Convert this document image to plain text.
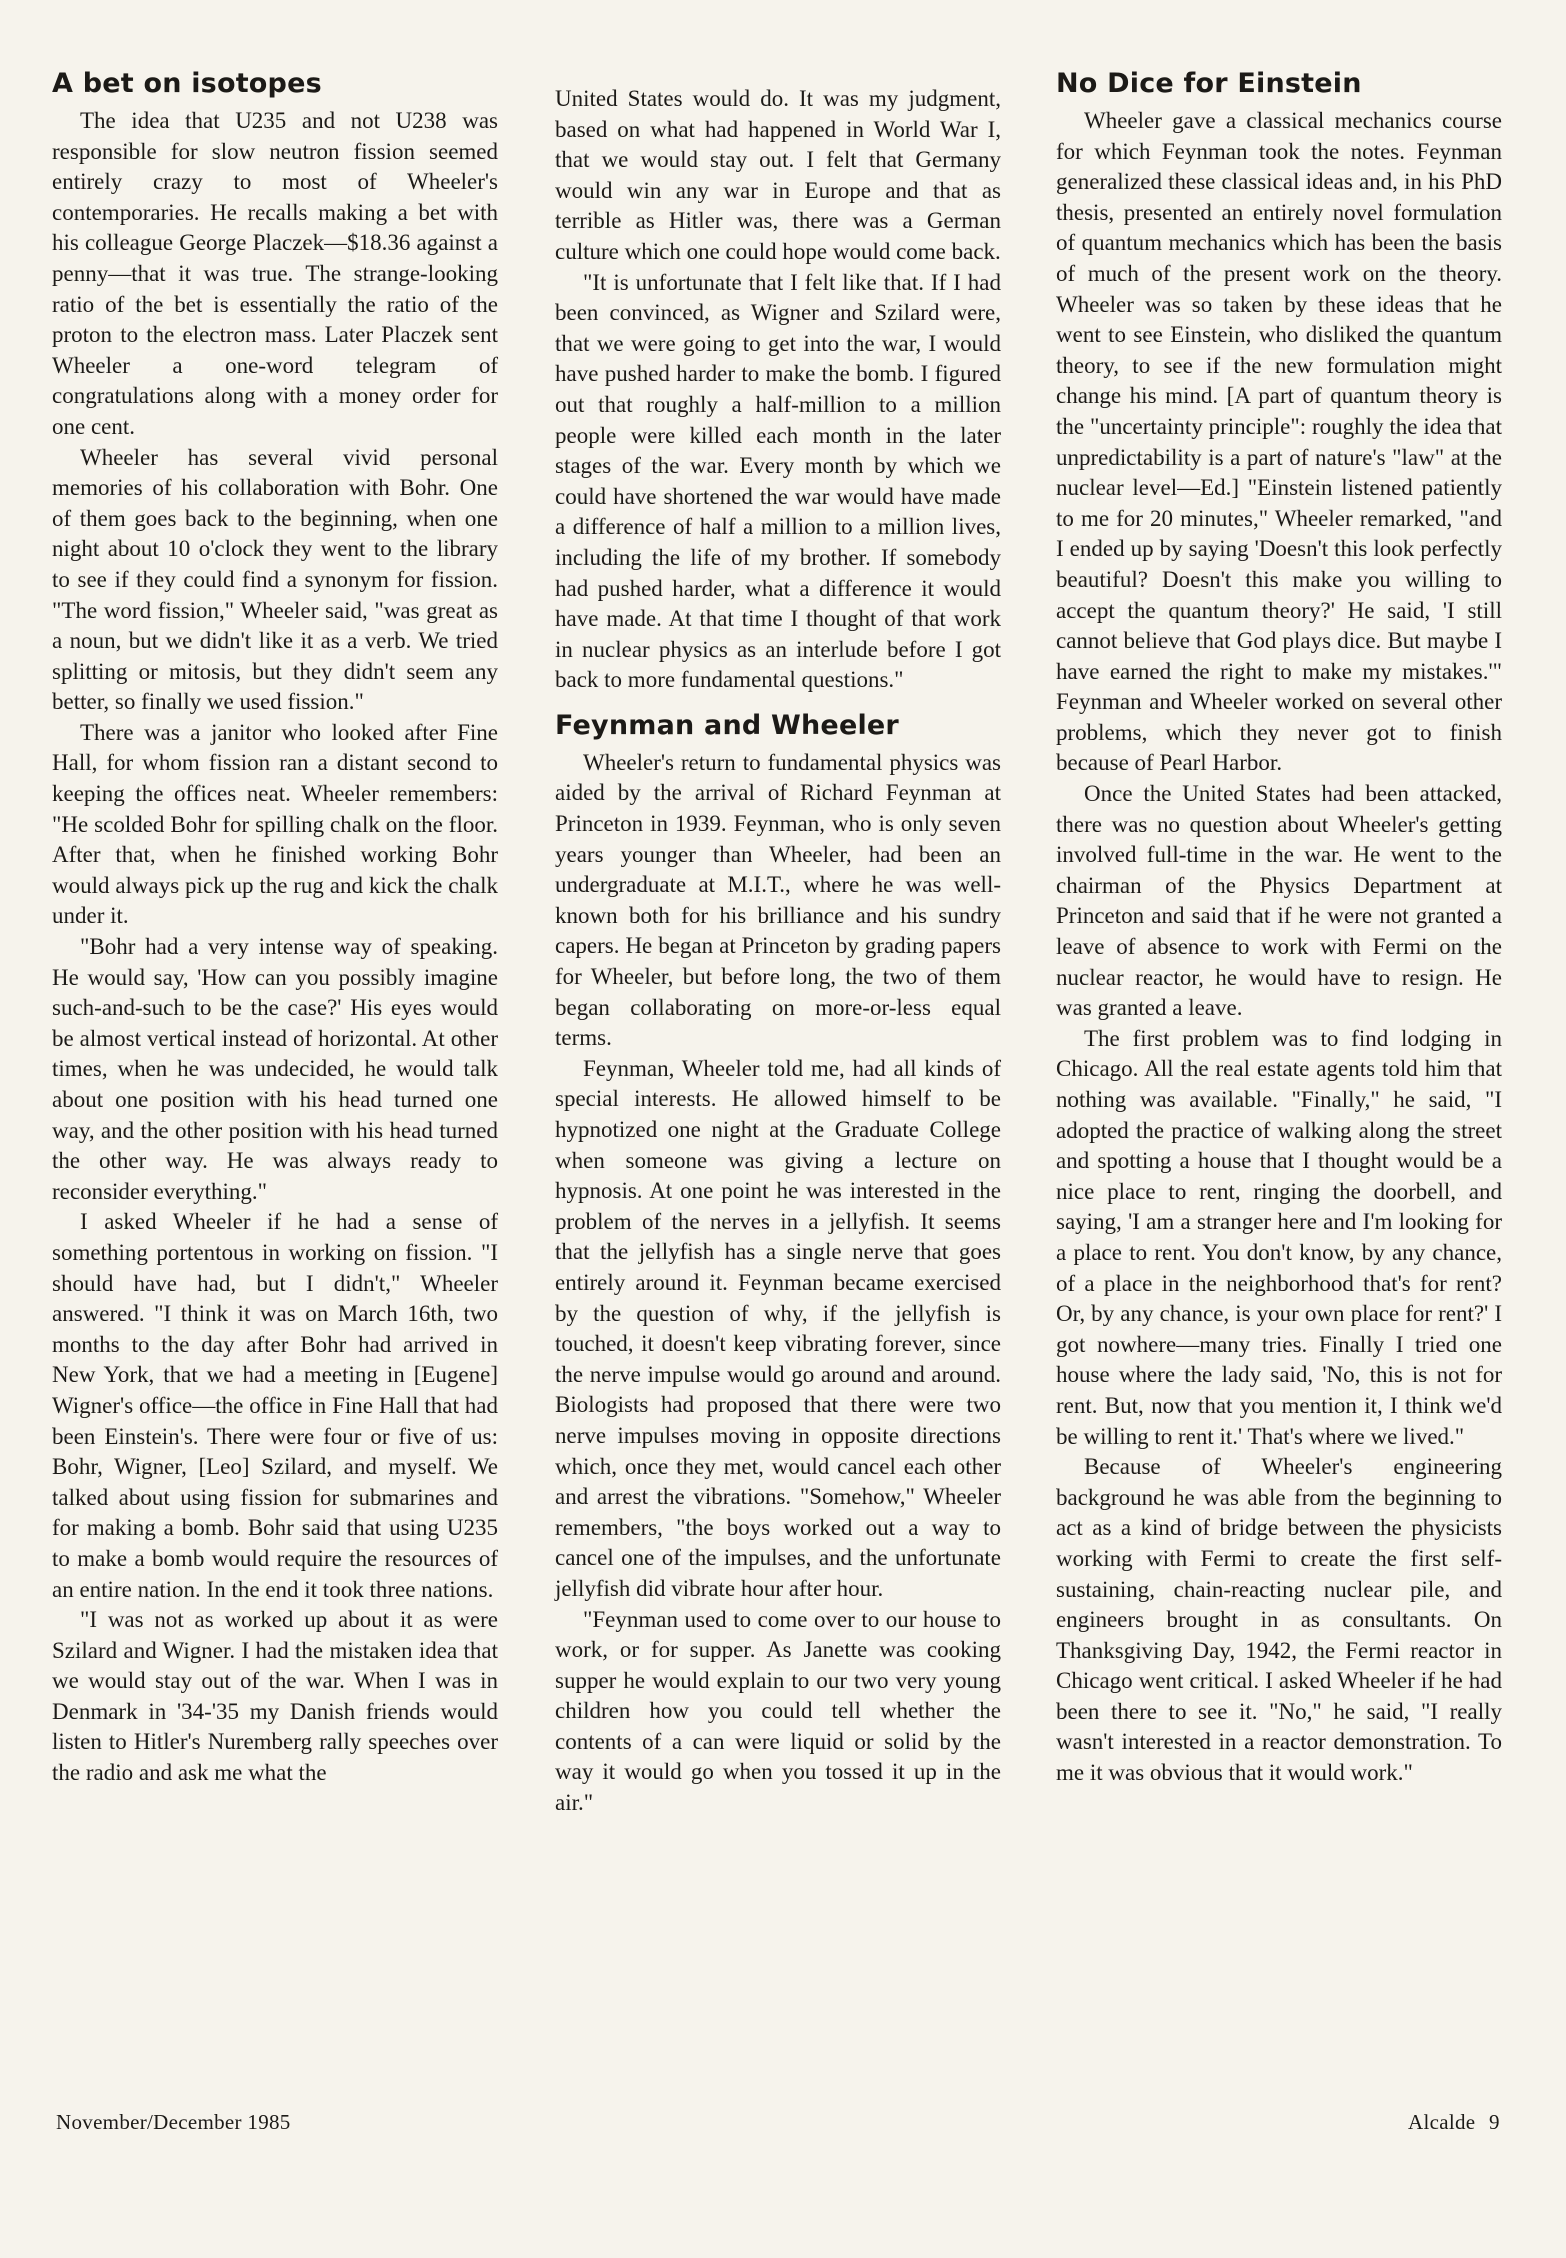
A bet on isotopes

The idea that U235 and not U238 was responsible for slow neutron fission seemed entirely crazy to most of Wheeler's contemporaries. He recalls making a bet with his colleague George Placzek—$18.36 against a penny—that it was true. The strange-looking ratio of the bet is essentially the ratio of the proton to the electron mass. Later Placzek sent Wheeler a one-word telegram of congratulations along with a money order for one cent.

Wheeler has several vivid personal memories of his collaboration with Bohr. One of them goes back to the beginning, when one night about 10 o'clock they went to the library to see if they could find a synonym for fission. "The word fission," Wheeler said, "was great as a noun, but we didn't like it as a verb. We tried splitting or mitosis, but they didn't seem any better, so finally we used fission."

There was a janitor who looked after Fine Hall, for whom fission ran a distant second to keeping the offices neat. Wheeler remembers: "He scolded Bohr for spilling chalk on the floor. After that, when he finished working Bohr would always pick up the rug and kick the chalk under it.

"Bohr had a very intense way of speaking. He would say, 'How can you possibly imagine such-and-such to be the case?' His eyes would be almost vertical instead of horizontal. At other times, when he was undecided, he would talk about one position with his head turned one way, and the other position with his head turned the other way. He was always ready to reconsider everything."

I asked Wheeler if he had a sense of something portentous in working on fission. "I should have had, but I didn't," Wheeler answered. "I think it was on March 16th, two months to the day after Bohr had arrived in New York, that we had a meeting in [Eugene] Wigner's office—the office in Fine Hall that had been Einstein's. There were four or five of us: Bohr, Wigner, [Leo] Szilard, and myself. We talked about using fission for submarines and for making a bomb. Bohr said that using U235 to make a bomb would require the resources of an entire nation. In the end it took three nations.

"I was not as worked up about it as were Szilard and Wigner. I had the mistaken idea that we would stay out of the war. When I was in Denmark in '34-'35 my Danish friends would listen to Hitler's Nuremberg rally speeches over the radio and ask me what the

United States would do. It was my judgment, based on what had happened in World War I, that we would stay out. I felt that Germany would win any war in Europe and that as terrible as Hitler was, there was a German culture which one could hope would come back.

"It is unfortunate that I felt like that. If I had been convinced, as Wigner and Szilard were, that we were going to get into the war, I would have pushed harder to make the bomb. I figured out that roughly a half-million to a million people were killed each month in the later stages of the war. Every month by which we could have shortened the war would have made a difference of half a million to a million lives, including the life of my brother. If somebody had pushed harder, what a difference it would have made. At that time I thought of that work in nuclear physics as an interlude before I got back to more fundamental questions."

Feynman and Wheeler

Wheeler's return to fundamental physics was aided by the arrival of Richard Feynman at Princeton in 1939. Feynman, who is only seven years younger than Wheeler, had been an undergraduate at M.I.T., where he was well-known both for his brilliance and his sundry capers. He began at Princeton by grading papers for Wheeler, but before long, the two of them began collaborating on more-or-less equal terms.

Feynman, Wheeler told me, had all kinds of special interests. He allowed himself to be hypnotized one night at the Graduate College when someone was giving a lecture on hypnosis. At one point he was interested in the problem of the nerves in a jellyfish. It seems that the jellyfish has a single nerve that goes entirely around it. Feynman became exercised by the question of why, if the jellyfish is touched, it doesn't keep vibrating forever, since the nerve impulse would go around and around. Biologists had proposed that there were two nerve impulses moving in opposite directions which, once they met, would cancel each other and arrest the vibrations. "Somehow," Wheeler remembers, "the boys worked out a way to cancel one of the impulses, and the unfortunate jellyfish did vibrate hour after hour.

"Feynman used to come over to our house to work, or for supper. As Janette was cooking supper he would explain to our two very young children how you could tell whether the contents of a can were liquid or solid by the way it would go when you tossed it up in the air."

No Dice for Einstein

Wheeler gave a classical mechanics course for which Feynman took the notes. Feynman generalized these classical ideas and, in his PhD thesis, presented an entirely novel formulation of quantum mechanics which has been the basis of much of the present work on the theory. Wheeler was so taken by these ideas that he went to see Einstein, who disliked the quantum theory, to see if the new formulation might change his mind. [A part of quantum theory is the "uncertainty principle": roughly the idea that unpredictability is a part of nature's "law" at the nuclear level—Ed.] "Einstein listened patiently to me for 20 minutes," Wheeler remarked, "and I ended up by saying 'Doesn't this look perfectly beautiful? Doesn't this make you willing to accept the quantum theory?' He said, 'I still cannot believe that God plays dice. But maybe I have earned the right to make my mistakes.'" Feynman and Wheeler worked on several other problems, which they never got to finish because of Pearl Harbor.

Once the United States had been attacked, there was no question about Wheeler's getting involved full-time in the war. He went to the chairman of the Physics Department at Princeton and said that if he were not granted a leave of absence to work with Fermi on the nuclear reactor, he would have to resign. He was granted a leave.

The first problem was to find lodging in Chicago. All the real estate agents told him that nothing was available. "Finally," he said, "I adopted the practice of walking along the street and spotting a house that I thought would be a nice place to rent, ringing the doorbell, and saying, 'I am a stranger here and I'm looking for a place to rent. You don't know, by any chance, of a place in the neighborhood that's for rent? Or, by any chance, is your own place for rent?' I got nowhere—many tries. Finally I tried one house where the lady said, 'No, this is not for rent. But, now that you mention it, I think we'd be willing to rent it.' That's where we lived."

Because of Wheeler's engineering background he was able from the beginning to act as a kind of bridge between the physicists working with Fermi to create the first self-sustaining, chain-reacting nuclear pile, and engineers brought in as consultants. On Thanksgiving Day, 1942, the Fermi reactor in Chicago went critical. I asked Wheeler if he had been there to see it. "No," he said, "I really wasn't interested in a reactor demonstration. To me it was obvious that it would work."

November/December 1985	Alcalde 9
